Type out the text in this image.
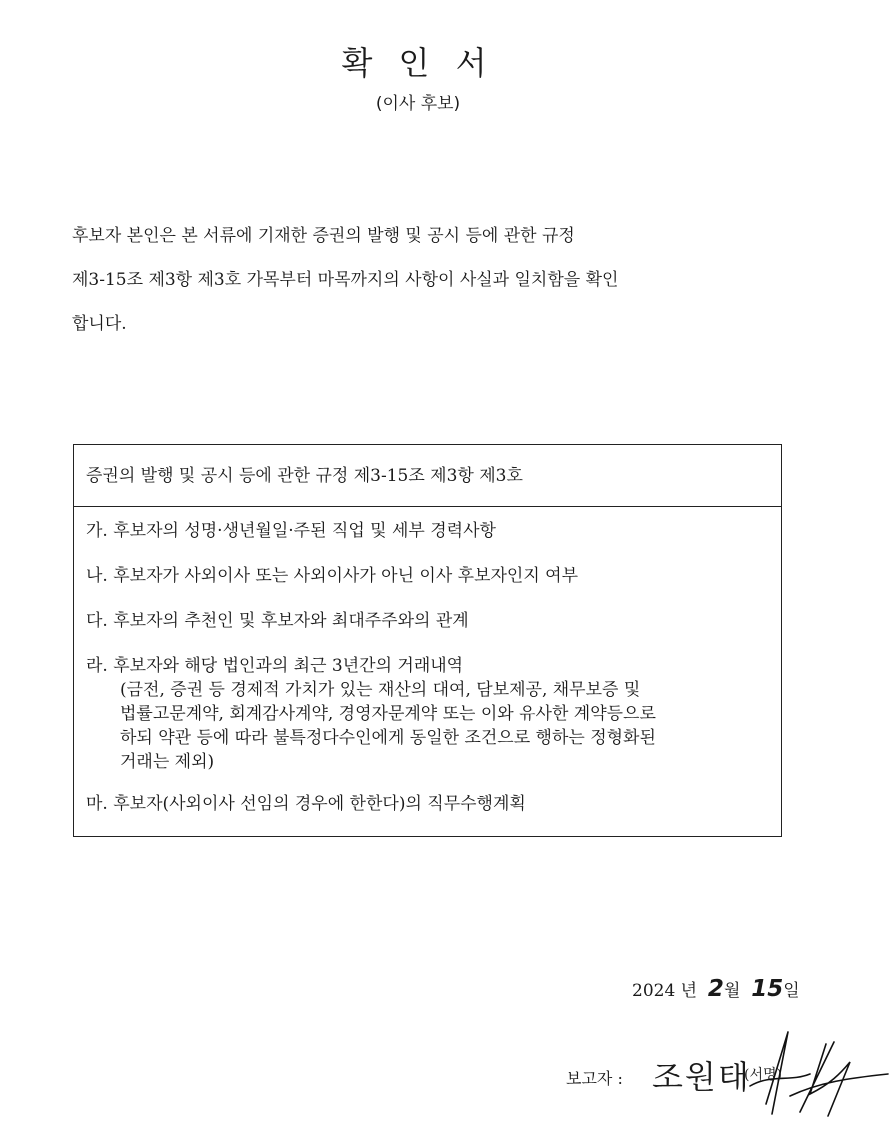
확 인 서
(이사 후보)
후보자 본인은 본 서류에 기재한 증권의 발행 및 공시 등에 관한 규정
제3-15조 제3항 제3호 가목부터 마목까지의 사항이 사실과 일치함을 확인
합니다.
증권의 발행 및 공시 등에 관한 규정 제3-15조 제3항 제3호
가. 후보자의 성명·생년월일·주된 직업 및 세부 경력사항
나. 후보자가 사외이사 또는 사외이사가 아닌 이사 후보자인지 여부
다. 후보자의 추천인 및 후보자와 최대주주와의 관계
라. 후보자와 해당 법인과의 최근 3년간의 거래내역
(금전, 증권 등 경제적 가치가 있는 재산의 대여, 담보제공, 채무보증 및
법률고문계약, 회계감사계약, 경영자문계약 또는 이와 유사한 계약등으로
하되 약관 등에 따라 불특정다수인에게 동일한 조건으로 행하는 정형화된
거래는 제외)
마. 후보자(사외이사 선임의 경우에 한한다)의 직무수행계획
2024 년 2월 15일
보고자 : 조원태
(서명)
